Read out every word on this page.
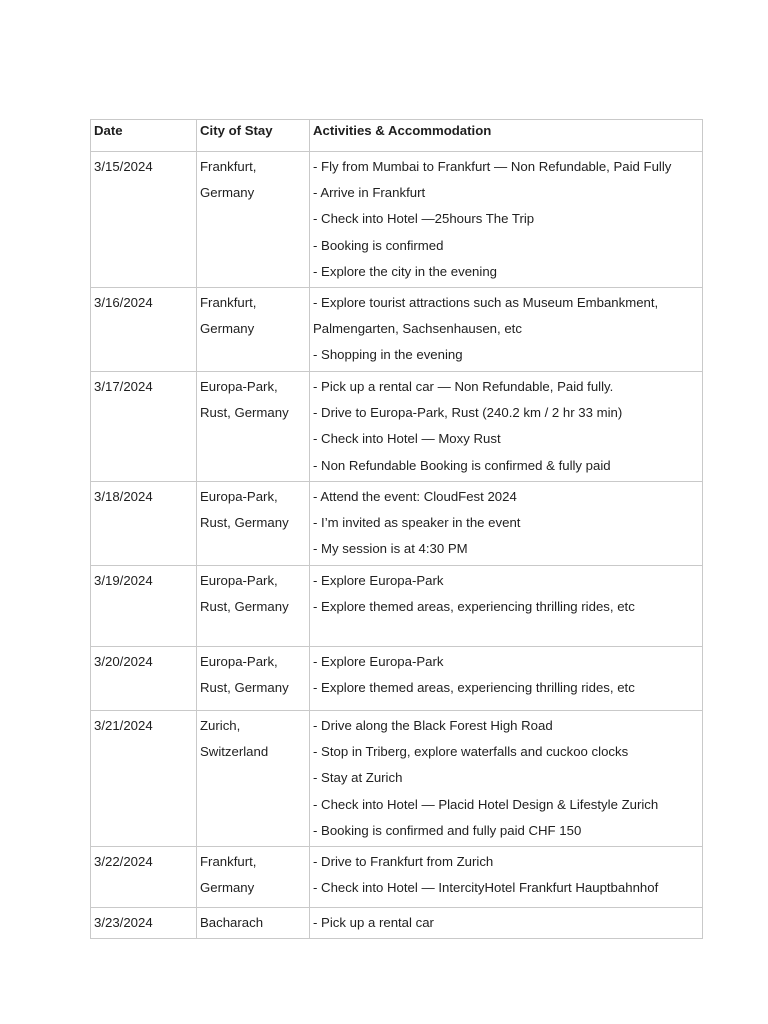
Date	City of Stay	Activities & Accommodation

3/15/2024	Frankfurt, Germany	- Fly from Mumbai to Frankfurt — Non Refundable, Paid Fully
- Arrive in Frankfurt
- Check into Hotel —25hours The Trip
- Booking is confirmed
- Explore the city in the evening

3/16/2024	Frankfurt, Germany	- Explore tourist attractions such as Museum Embankment, Palmengarten, Sachsenhausen, etc
- Shopping in the evening

3/17/2024	Europa-Park, Rust, Germany	- Pick up a rental car — Non Refundable, Paid fully.
- Drive to Europa-Park, Rust (240.2 km / 2 hr 33 min)
- Check into Hotel — Moxy Rust
- Non Refundable Booking is confirmed & fully paid

3/18/2024	Europa-Park, Rust, Germany	- Attend the event: CloudFest 2024
- I’m invited as speaker in the event
- My session is at 4:30 PM

3/19/2024	Europa-Park, Rust, Germany	- Explore Europa-Park
- Explore themed areas, experiencing thrilling rides, etc

3/20/2024	Europa-Park, Rust, Germany	- Explore Europa-Park
- Explore themed areas, experiencing thrilling rides, etc

3/21/2024	Zurich, Switzerland	- Drive along the Black Forest High Road
- Stop in Triberg, explore waterfalls and cuckoo clocks
- Stay at Zurich
- Check into Hotel — Placid Hotel Design & Lifestyle Zurich
- Booking is confirmed and fully paid CHF 150

3/22/2024	Frankfurt, Germany	- Drive to Frankfurt from Zurich
- Check into Hotel — IntercityHotel Frankfurt Hauptbahnhof

3/23/2024	Bacharach	- Pick up a rental car
